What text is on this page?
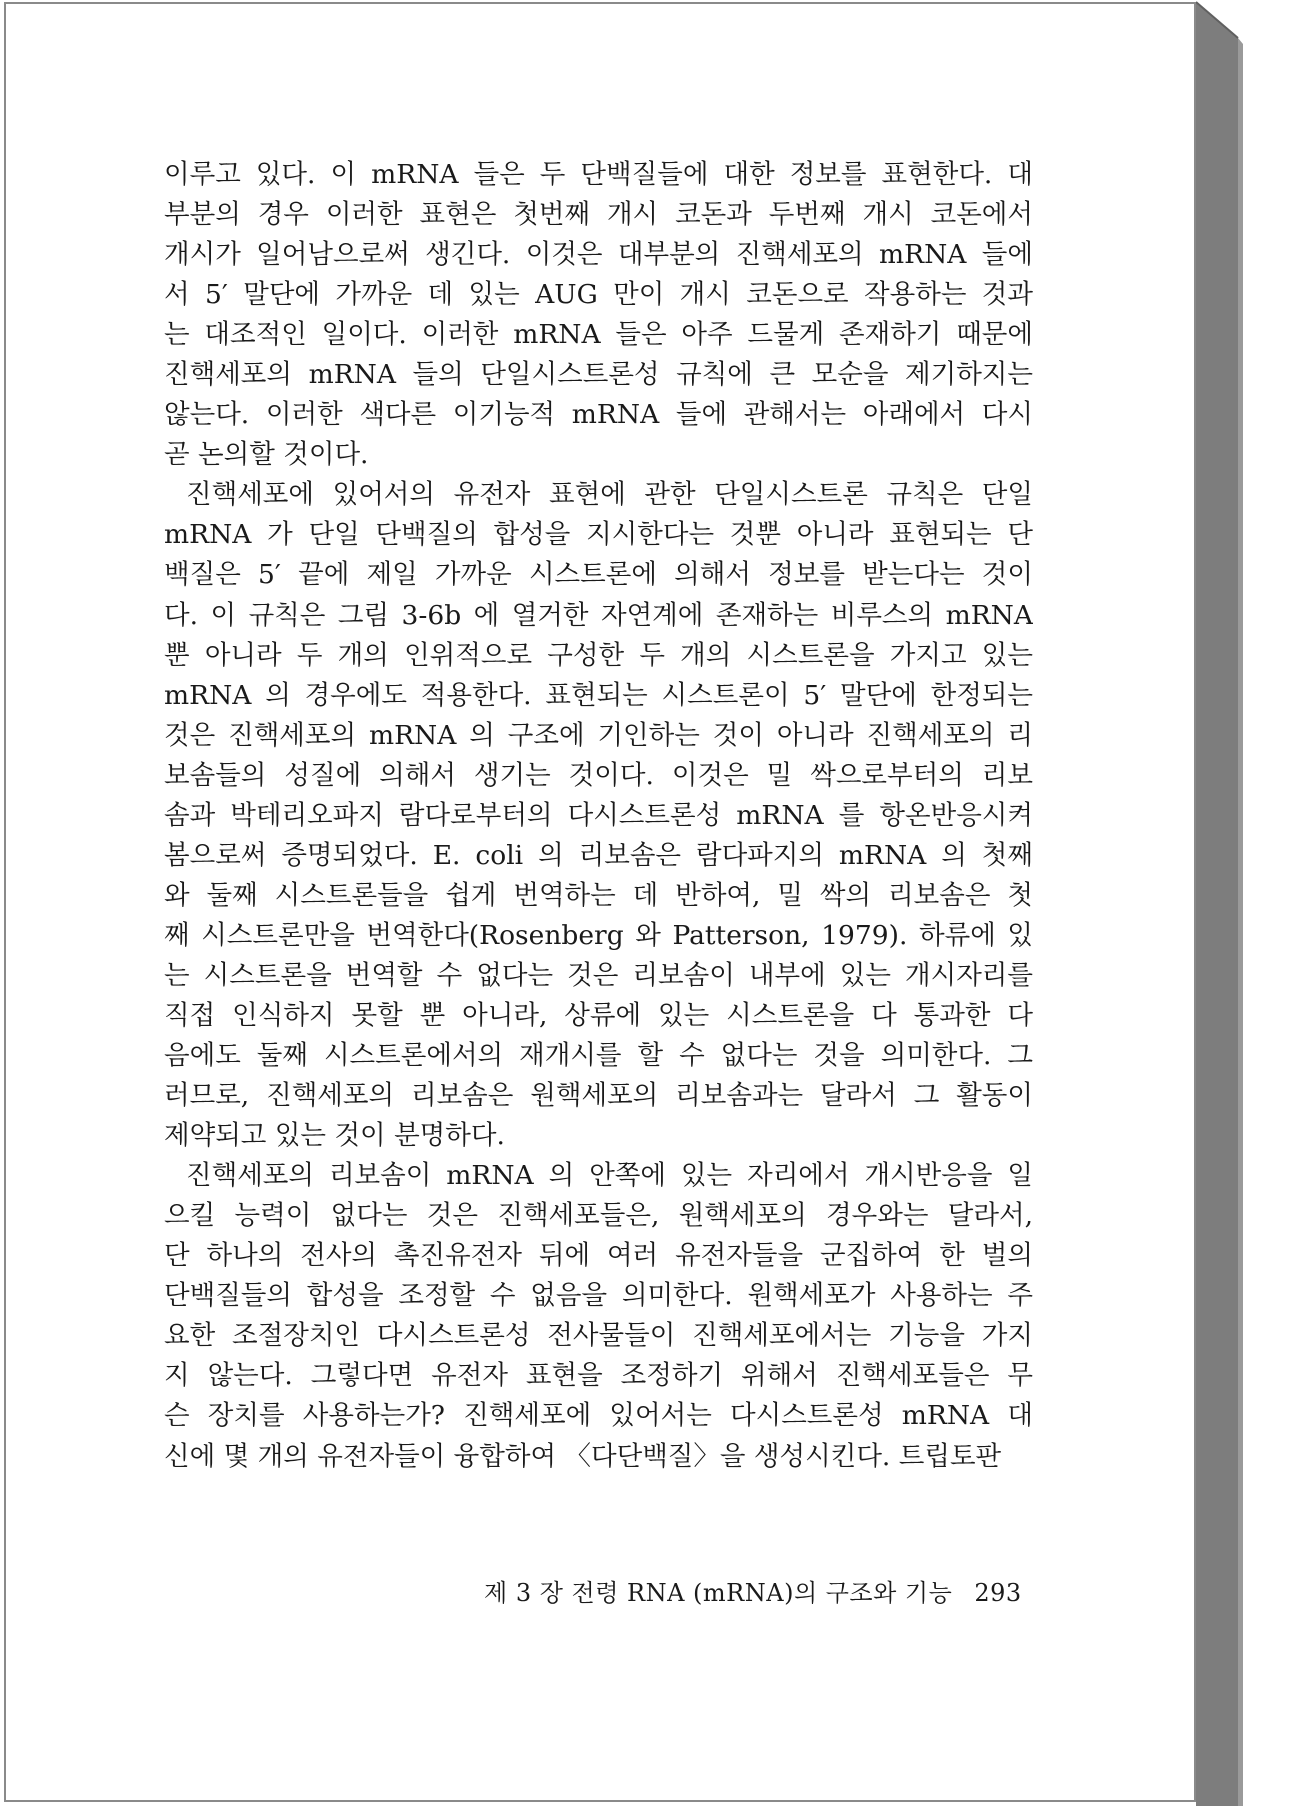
이루고 있다. 이 mRNA 들은 두 단백질들에 대한 정보를 표현한다. 대
부분의 경우 이러한 표현은 첫번째 개시 코돈과 두번째 개시 코돈에서
개시가 일어남으로써 생긴다. 이것은 대부분의 진핵세포의 mRNA 들에
서 5′ 말단에 가까운 데 있는 AUG 만이 개시 코돈으로 작용하는 것과
는 대조적인 일이다. 이러한 mRNA 들은 아주 드물게 존재하기 때문에
진핵세포의 mRNA 들의 단일시스트론성 규칙에 큰 모순을 제기하지는
않는다. 이러한 색다른 이기능적 mRNA 들에 관해서는 아래에서 다시
곧 논의할 것이다.
진핵세포에 있어서의 유전자 표현에 관한 단일시스트론 규칙은 단일
mRNA 가 단일 단백질의 합성을 지시한다는 것뿐 아니라 표현되는 단
백질은 5′ 끝에 제일 가까운 시스트론에 의해서 정보를 받는다는 것이
다. 이 규칙은 그림 3-6b 에 열거한 자연계에 존재하는 비루스의 mRNA
뿐 아니라 두 개의 인위적으로 구성한 두 개의 시스트론을 가지고 있는
mRNA 의 경우에도 적용한다. 표현되는 시스트론이 5′ 말단에 한정되는
것은 진핵세포의 mRNA 의 구조에 기인하는 것이 아니라 진핵세포의 리
보솜들의 성질에 의해서 생기는 것이다. 이것은 밀 싹으로부터의 리보
솜과 박테리오파지 람다로부터의 다시스트론성 mRNA 를 항온반응시켜
봄으로써 증명되었다. E. coli 의 리보솜은 람다파지의 mRNA 의 첫째
와 둘째 시스트론들을 쉽게 번역하는 데 반하여, 밀 싹의 리보솜은 첫
째 시스트론만을 번역한다(Rosenberg 와 Patterson, 1979). 하류에 있
는 시스트론을 번역할 수 없다는 것은 리보솜이 내부에 있는 개시자리를
직접 인식하지 못할 뿐 아니라, 상류에 있는 시스트론을 다 통과한 다
음에도 둘째 시스트론에서의 재개시를 할 수 없다는 것을 의미한다. 그
러므로, 진핵세포의 리보솜은 원핵세포의 리보솜과는 달라서 그 활동이
제약되고 있는 것이 분명하다.
진핵세포의 리보솜이 mRNA 의 안쪽에 있는 자리에서 개시반응을 일
으킬 능력이 없다는 것은 진핵세포들은, 원핵세포의 경우와는 달라서,
단 하나의 전사의 촉진유전자 뒤에 여러 유전자들을 군집하여 한 벌의
단백질들의 합성을 조정할 수 없음을 의미한다. 원핵세포가 사용하는 주
요한 조절장치인 다시스트론성 전사물들이 진핵세포에서는 기능을 가지
지 않는다. 그렇다면 유전자 표현을 조정하기 위해서 진핵세포들은 무
슨 장치를 사용하는가? 진핵세포에 있어서는 다시스트론성 mRNA 대
신에 몇 개의 유전자들이 융합하여 〈다단백질〉을 생성시킨다. 트립토판
제 3 장 전령 RNA (mRNA)의 구조와 기능 293
